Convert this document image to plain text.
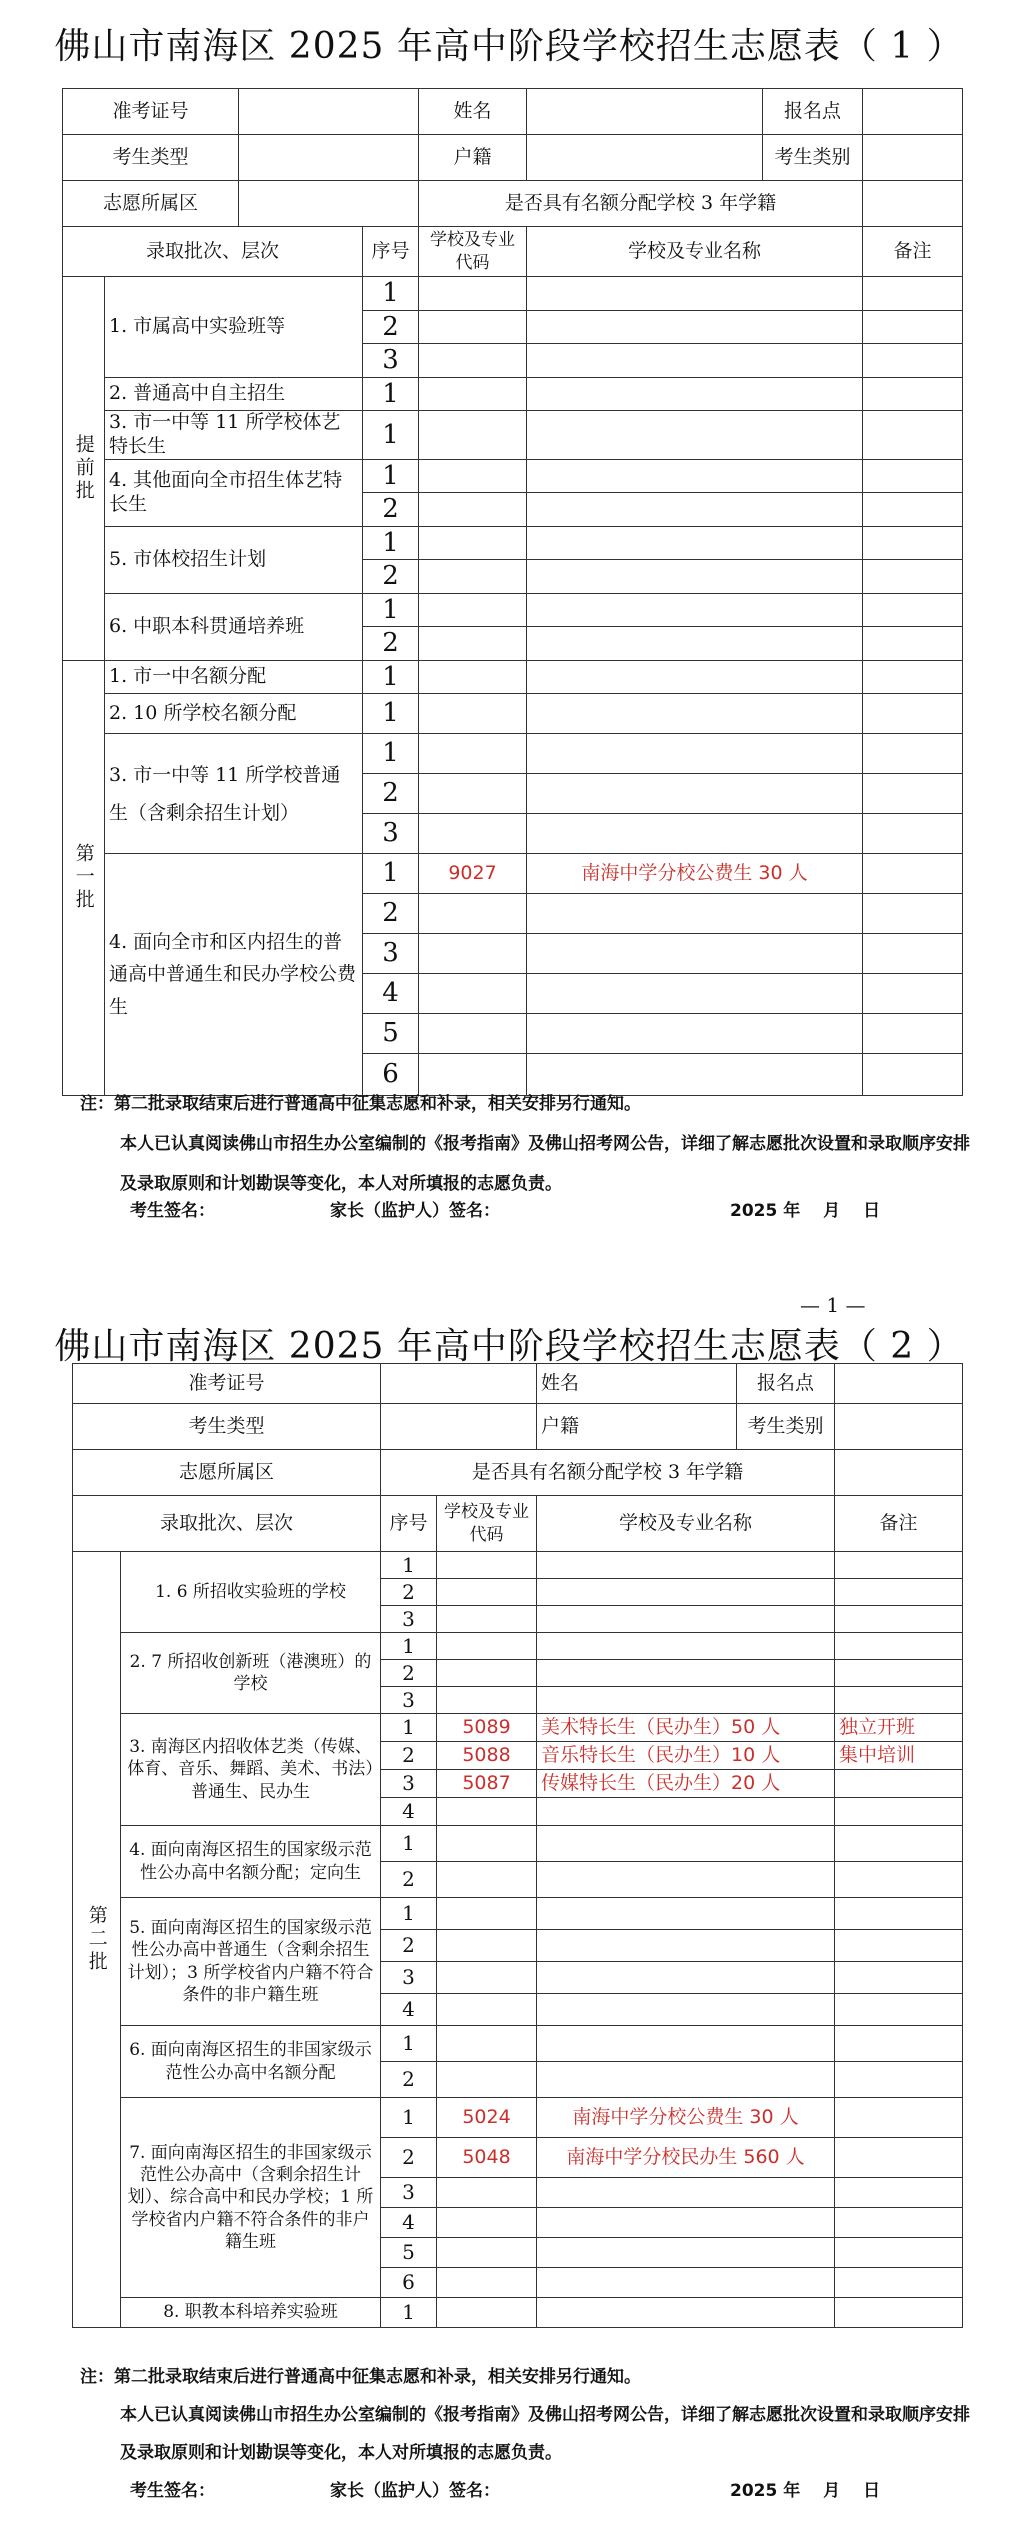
佛山市南海区 2025 年高中阶段学校招生志愿表（ 1 ）
准考证号				姓名		报名点	
考生类型				户籍		考生类别	
志愿所属区				是否具有名额分配学校 3 年学籍			
录取批次、层次			序号	学校及专业代码	学校及专业名称		备注
提前批	1. 市属高中实验班等		1				
			2				
			3				
	2. 普通高中自主招生		1				
	3. 市一中等 11 所学校体艺特长生		1				
	4. 其他面向全市招生体艺特长生		1				
			2				
	5. 市体校招生计划		1				
			2				
	6. 中职本科贯通培养班		1				
			2				
第一批	1. 市一中名额分配		1				
	2. 10 所学校名额分配		1				
	3. 市一中等 11 所学校普通生（含剩余招生计划）		1				
			2				
			3				
	4. 面向全市和区内招生的普通高中普通生和民办学校公费生		1	9027	南海中学分校公费生 30 人		
			2				
			3				
			4				
			5				
			6				
注：第二批录取结束后进行普通高中征集志愿和补录，相关安排另行通知。
本人已认真阅读佛山市招生办公室编制的《报考指南》及佛山招考网公告，详细了解志愿批次设置和录取顺序安排及录取原则和计划勘误等变化，本人对所填报的志愿负责。
考生签名：	家长（监护人）签名：	2025 年　 月　 日
— 1 —
佛山市南海区 2025 年高中阶段学校招生志愿表（ 2 ）
准考证号				姓名	报名点	
考生类型				户籍	考生类别	
志愿所属区		是否具有名额分配学校 3 年学籍				
录取批次、层次		序号	学校及专业代码	学校及专业名称		备注
第二批	1. 6 所招收实验班的学校	1				
		2				
		3				
	2. 7 所招收创新班（港澳班）的学校	1				
		2				
		3				
	3. 南海区内招收体艺类（传媒、体育、音乐、舞蹈、美术、书法）普通生、民办生	1	5089	美术特长生（民办生）50 人		独立开班
		2	5088	音乐特长生（民办生）10 人		集中培训
		3	5087	传媒特长生（民办生）20 人		
		4				
	4. 面向南海区招生的国家级示范性公办高中名额分配；定向生	1				
		2				
	5. 面向南海区招生的国家级示范性公办高中普通生（含剩余招生计划）；3 所学校省内户籍不符合条件的非户籍生班	1				
		2				
		3				
		4				
	6. 面向南海区招生的非国家级示范性公办高中名额分配	1				
		2				
	7. 面向南海区招生的非国家级示范性公办高中（含剩余招生计划）、综合高中和民办学校；1 所学校省内户籍不符合条件的非户籍生班	1	5024	南海中学分校公费生 30 人		
		2	5048	南海中学分校民办生 560 人		
		3				
		4				
		5				
		6				
	8. 职教本科培养实验班	1				
注：第二批录取结束后进行普通高中征集志愿和补录，相关安排另行通知。
本人已认真阅读佛山市招生办公室编制的《报考指南》及佛山招考网公告，详细了解志愿批次设置和录取顺序安排及录取原则和计划勘误等变化，本人对所填报的志愿负责。
考生签名：	家长（监护人）签名：	2025 年　 月　 日
